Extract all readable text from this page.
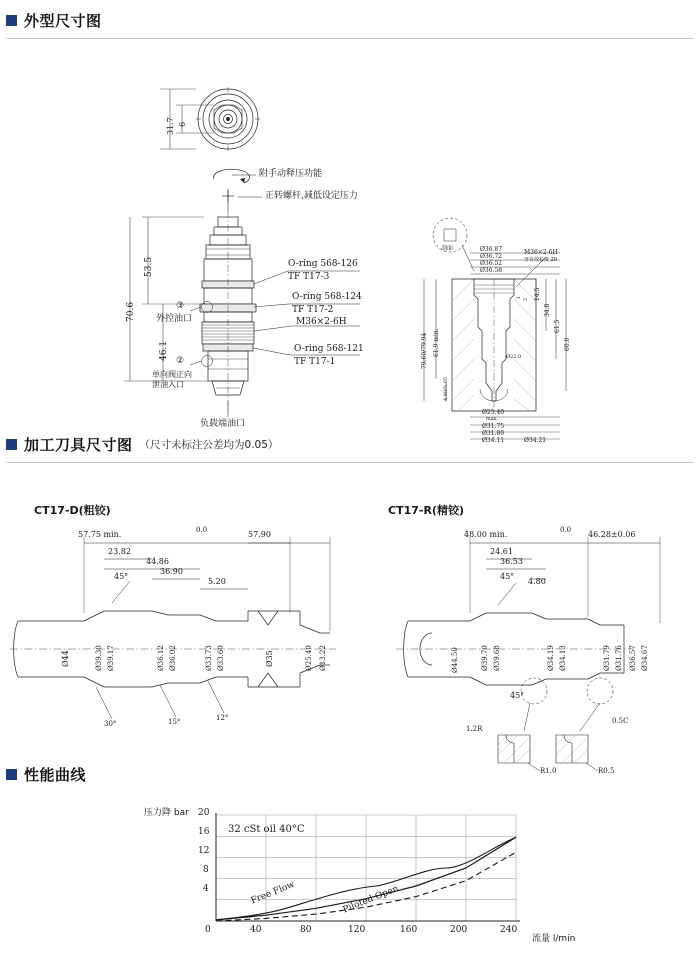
外型尺寸图
31.7 6
53.5
70.6
46.1
附手动释压功能
正转螺杆,减低设定压力
负载端油口
③
外控油口
②
单向阀正向泄油入口
O-ring 568-126
TF T17-3
O-ring 568-124
TF T17-2
M36×2-6H
O-ring 568-121
TF T17-1
剖面	Ø36.87
Ø36.72
Ø36.52
Ø36.58
M36×2-6H
牙有效长度 20
Ø25.40
max.
Ø31.75
Ø31.80
Ø34.11	Ø34.21
Ø22.0
34.8
61.5
60.0
14.5
2
1
61.9 min.
79.60/79.94
4.80/5.05
加工刀具尺寸图 （尺寸未标注公差均为0.05）
CT17-D(粗铰)	CT17-R(精铰)
57.75 min.	0.0	57.90
23.82
44.86
36.90
5.20
45°
Ø44	Ø39.30 Ø39.17	Ø36.12 Ø36.02	Ø33.73 Ø33.60	Ø35	Ø25.40 Ø13.22
30°	15°	12°
48.00 min.	0.0 46.28±0.06
24.61
36.53
4.80
45°
45°
Ø44.50	Ø39.70 Ø39.68	Ø34.19 Ø34.13	Ø31.79 Ø31.76 Ø36.57 Ø34.67
1.2R
0.5C
R1.0	R0.5
性能曲线
压力降 bar
流量 l/min
32 cSt oil 40°C
Free Flow	Piloted Open
20
16
12
8
4
0	40	80	120	160	200	240
